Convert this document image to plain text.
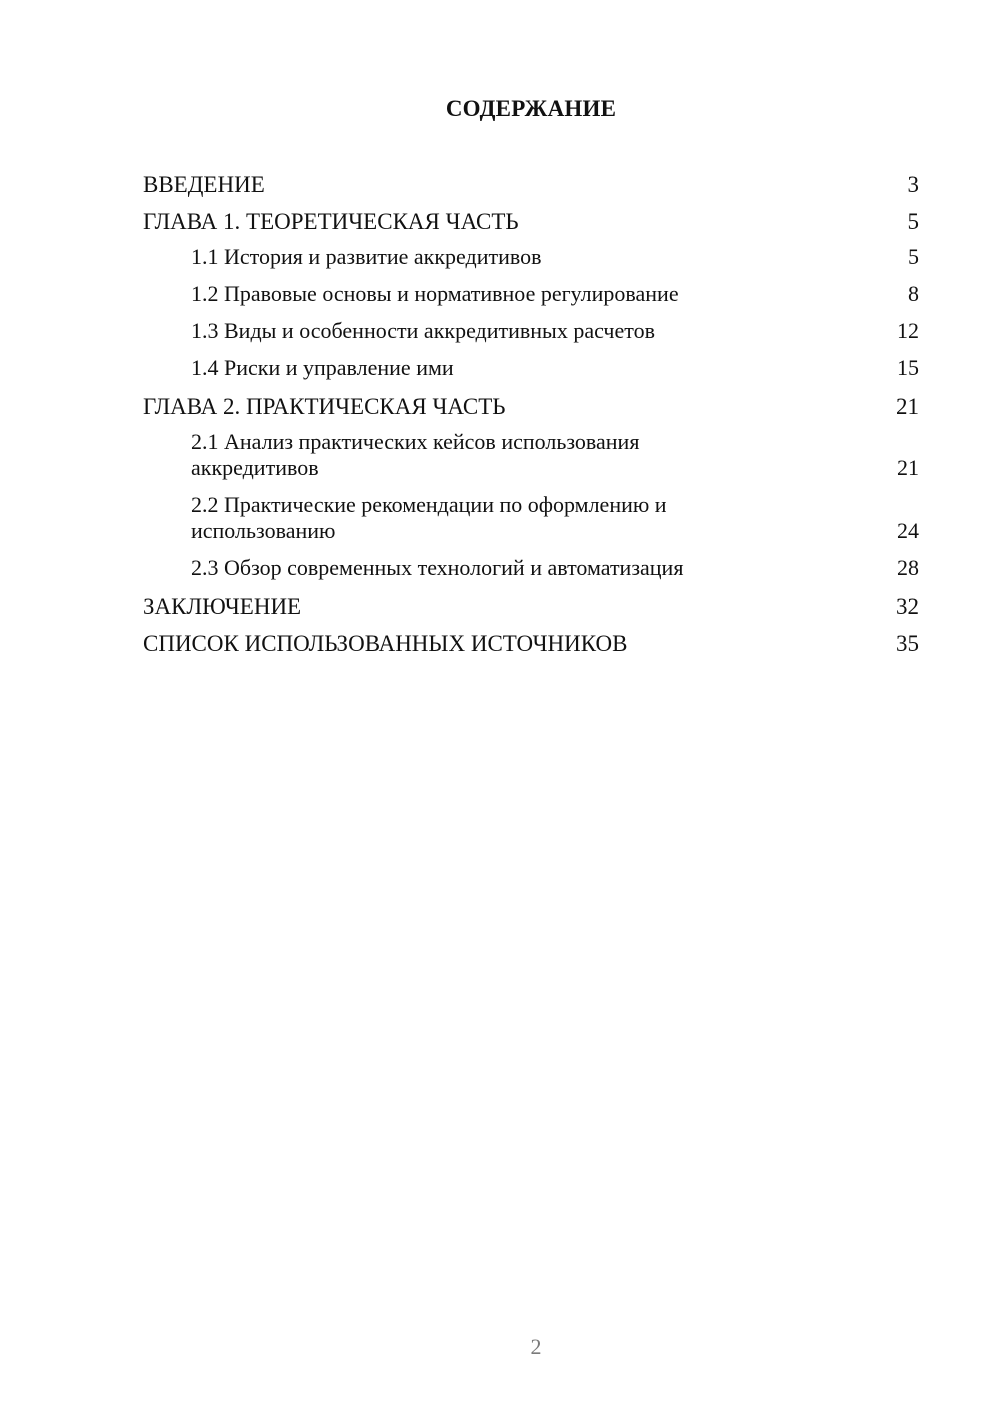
СОДЕРЖАНИЕ
ВВЕДЕНИЕ	3
ГЛАВА 1. ТЕОРЕТИЧЕСКАЯ ЧАСТЬ	5
1.1 История и развитие аккредитивов	5
1.2 Правовые основы и нормативное регулирование	8
1.3 Виды и особенности аккредитивных расчетов	12
1.4 Риски и управление ими	15
ГЛАВА 2. ПРАКТИЧЕСКАЯ ЧАСТЬ	21
2.1 Анализ практических кейсов использования аккредитивов	21
2.2 Практические рекомендации по оформлению и использованию	24
2.3 Обзор современных технологий и автоматизация	28
ЗАКЛЮЧЕНИЕ	32
СПИСОК ИСПОЛЬЗОВАННЫХ ИСТОЧНИКОВ	35
2
